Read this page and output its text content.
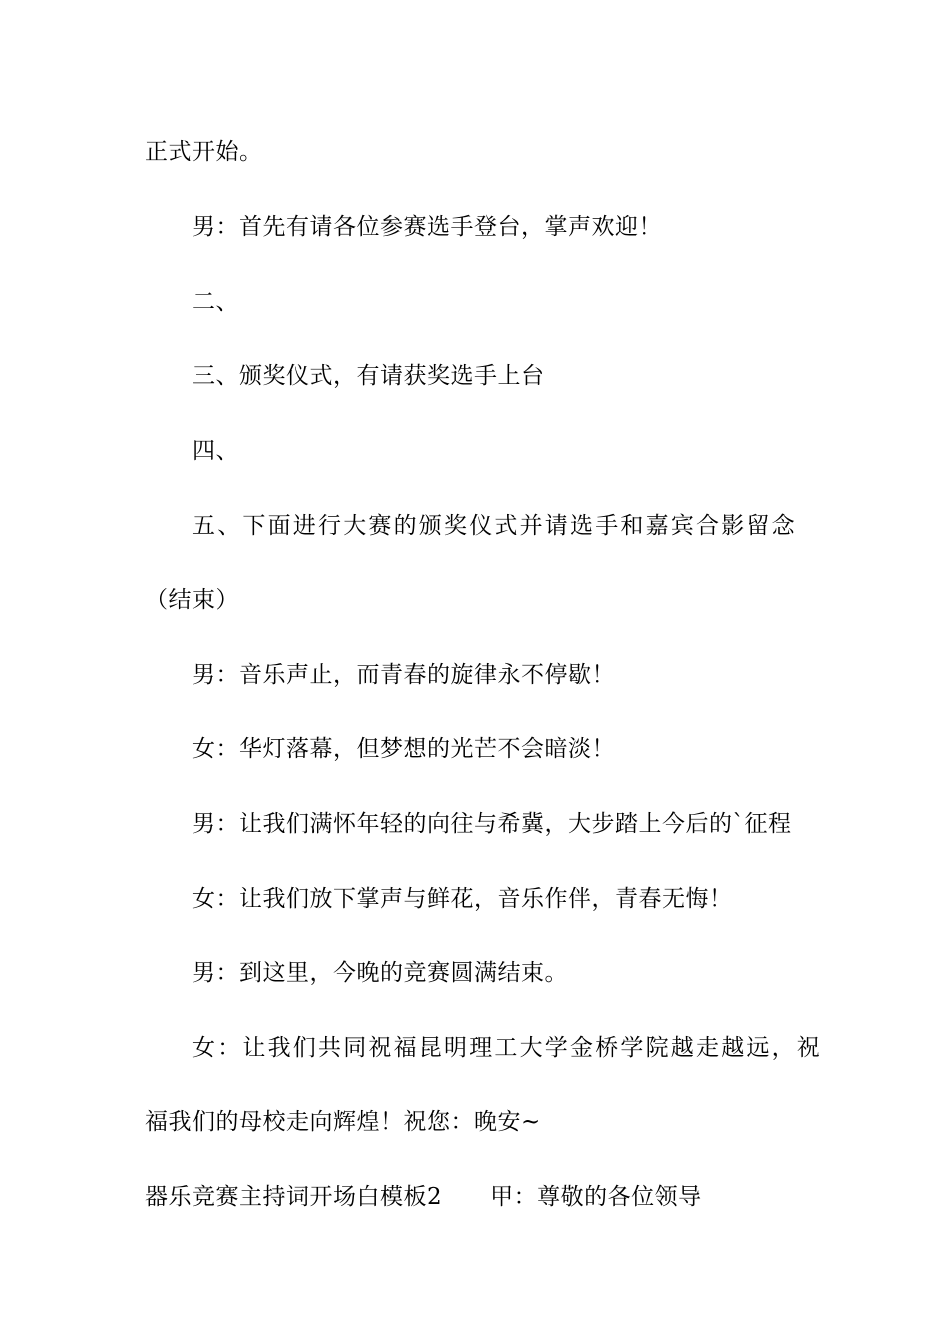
正式开始。
男：首先有请各位参赛选手登台，掌声欢迎！
二、
三、颁奖仪式，有请获奖选手上台
四、
五、下面进行大赛的颁奖仪式并请选手和嘉宾合影留念
（结束）
男：音乐声止，而青春的旋律永不停歇！
女：华灯落幕，但梦想的光芒不会暗淡！
男：让我们满怀年轻的向往与希冀，大步踏上今后的`征程
女：让我们放下掌声与鲜花，音乐作伴，青春无悔！
男：到这里，今晚的竞赛圆满结束。
女：让我们共同祝福昆明理工大学金桥学院越走越远，祝
福我们的母校走向辉煌！祝您：晚安~
器乐竞赛主持词开场白模板2 甲：尊敬的各位领导
